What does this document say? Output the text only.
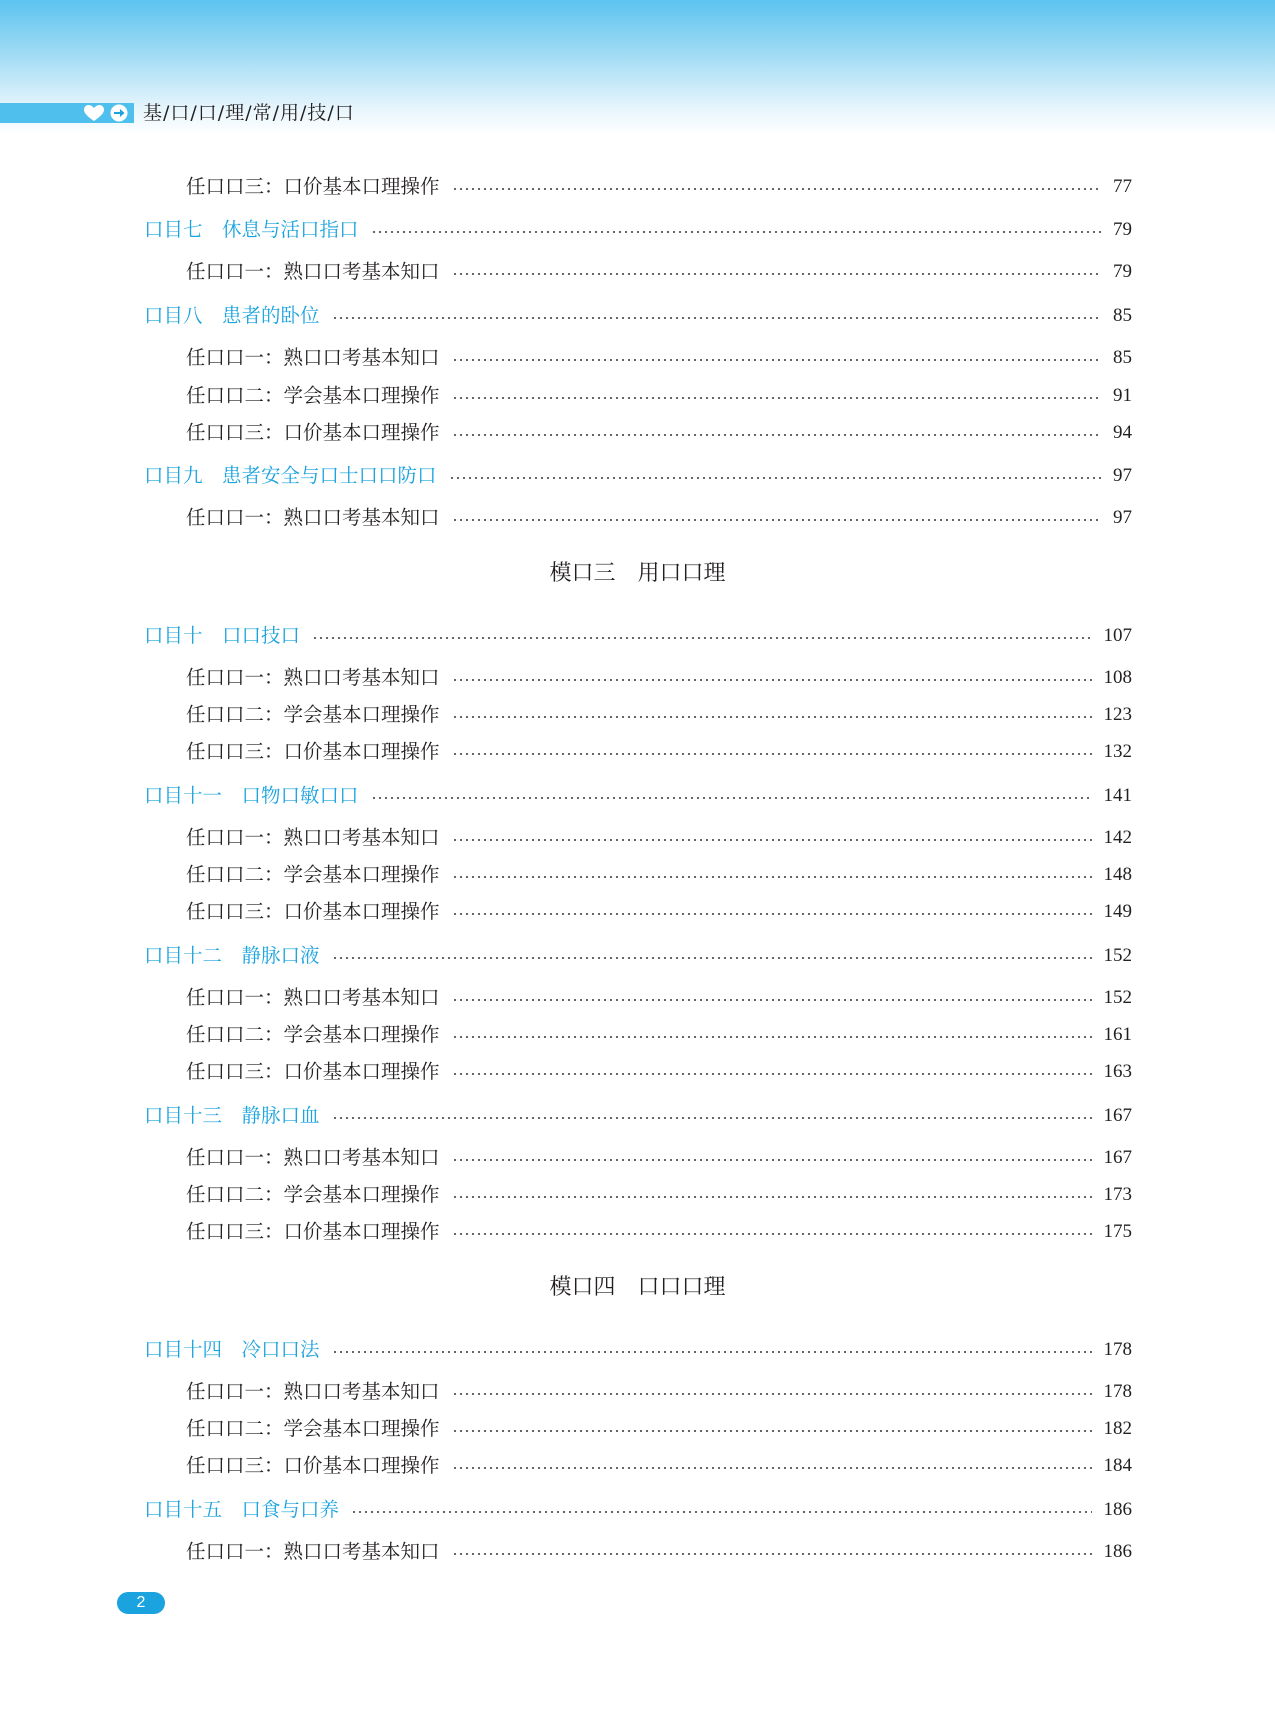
基/口/口/理/常/用/技/口
任口口三：口价基本口理操作	77
口目七　休息与活口指口	79
任口口一：熟口口考基本知口	79
口目八　患者的卧位	85
任口口一：熟口口考基本知口	85
任口口二：学会基本口理操作	91
任口口三：口价基本口理操作	94
口目九　患者安全与口士口口防口	97
任口口一：熟口口考基本知口	97
模口三　用口口理
口目十　口口技口	107
任口口一：熟口口考基本知口	108
任口口二：学会基本口理操作	123
任口口三：口价基本口理操作	132
口目十一　口物口敏口口	141
任口口一：熟口口考基本知口	142
任口口二：学会基本口理操作	148
任口口三：口价基本口理操作	149
口目十二　静脉口液	152
任口口一：熟口口考基本知口	152
任口口二：学会基本口理操作	161
任口口三：口价基本口理操作	163
口目十三　静脉口血	167
任口口一：熟口口考基本知口	167
任口口二：学会基本口理操作	173
任口口三：口价基本口理操作	175
模口四　口口口理
口目十四　冷口口法	178
任口口一：熟口口考基本知口	178
任口口二：学会基本口理操作	182
任口口三：口价基本口理操作	184
口目十五　口食与口养	186
任口口一：熟口口考基本知口	186
2
